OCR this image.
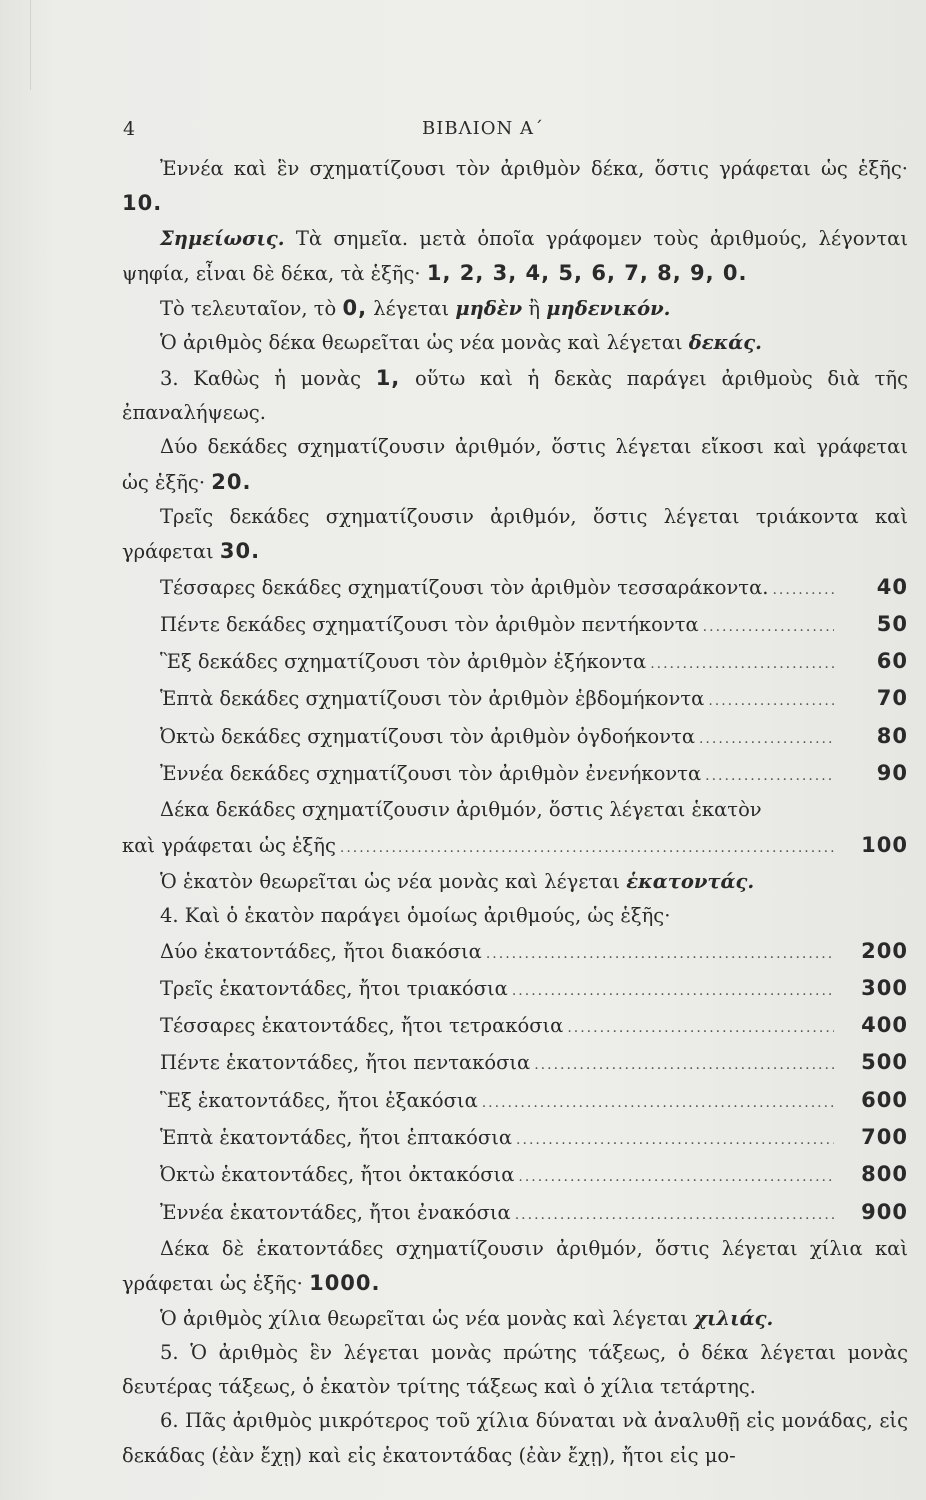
4	ΒΙΒΛΙΟΝ Α΄

Ἐννέα καὶ ἓν σχηματίζουσι τὸν ἀριθμὸν δέκα, ὅστις γράφεται ὡς ἑξῆς· 10.

Σημείωσις. Τὰ σημεῖα. μετὰ ὁποῖα γράφομεν τοὺς ἀριθμούς, λέγονται ψηφία, εἶναι δὲ δέκα, τὰ ἑξῆς· 1, 2, 3, 4, 5, 6, 7, 8, 9, 0.

Τὸ τελευταῖον, τὸ 0, λέγεται μηδὲν ἢ μηδενικόν.

Ὁ ἀριθμὸς δέκα θεωρεῖται ὡς νέα μονὰς καὶ λέγεται δεκάς.

3. Καθὼς ἡ μονὰς 1, οὕτω καὶ ἡ δεκὰς παράγει ἀριθμοὺς διὰ τῆς ἐπαναλήψεως.

Δύο δεκάδες σχηματίζουσιν ἀριθμόν, ὅστις λέγεται εἴκοσι καὶ γράφεται ὡς ἑξῆς· 20.

Τρεῖς δεκάδες σχηματίζουσιν ἀριθμόν, ὅστις λέγεται τριάκοντα καὶ γράφεται 30.

Τέσσαρες δεκάδες σχηματίζουσι τὸν ἀριθμὸν τεσσαράκοντα. .....	40
Πέντε δεκάδες σχηματίζουσι τὸν ἀριθμὸν πεντήκοντα .....	50
Ἓξ δεκάδες σχηματίζουσι τὸν ἀριθμὸν ἑξήκοντα .....	60
Ἑπτὰ δεκάδες σχηματίζουσι τὸν ἀριθμὸν ἑβδομήκοντα .....	70
Ὀκτὼ δεκάδες σχηματίζουσι τὸν ἀριθμὸν ὀγδοήκοντα .....	80
Ἐννέα δεκάδες σχηματίζουσι τὸν ἀριθμὸν ἐνενήκοντα .....	90

Δέκα δεκάδες σχηματίζουσιν ἀριθμόν, ὅστις λέγεται ἑκατὸν

καὶ γράφεται ὡς ἑξῆς .....	100

Ὁ ἑκατὸν θεωρεῖται ὡς νέα μονὰς καὶ λέγεται ἑκατοντάς.

4. Καὶ ὁ ἑκατὸν παράγει ὁμοίως ἀριθμούς, ὡς ἑξῆς·

Δύο ἑκατοντάδες, ἤτοι διακόσια .....	200
Τρεῖς ἑκατοντάδες, ἤτοι τριακόσια .....	300
Τέσσαρες ἑκατοντάδες, ἤτοι τετρακόσια .....	400
Πέντε ἑκατοντάδες, ἤτοι πεντακόσια .....	500
Ἓξ ἑκατοντάδες, ἤτοι ἑξακόσια .....	600
Ἑπτὰ ἑκατοντάδες, ἤτοι ἑπτακόσια .....	700
Ὀκτὼ ἑκατοντάδες, ἤτοι ὀκτακόσια .....	800
Ἐννέα ἑκατοντάδες, ἤτοι ἐνακόσια .....	900

Δέκα δὲ ἑκατοντάδες σχηματίζουσιν ἀριθμόν, ὅστις λέγεται χίλια καὶ γράφεται ὡς ἑξῆς· 1000.

Ὁ ἀριθμὸς χίλια θεωρεῖται ὡς νέα μονὰς καὶ λέγεται χιλιάς.

5. Ὁ ἀριθμὸς ἓν λέγεται μονὰς πρώτης τάξεως, ὁ δέκα λέγεται μονὰς δευτέρας τάξεως, ὁ ἑκατὸν τρίτης τάξεως καὶ ὁ χίλια τετάρτης.

6. Πᾶς ἀριθμὸς μικρότερος τοῦ χίλια δύναται νὰ ἀναλυθῇ εἰς μονάδας, εἰς δεκάδας (ἐὰν ἔχῃ) καὶ εἰς ἑκατοντάδας (ἐὰν ἔχῃ), ἤτοι εἰς μο-
